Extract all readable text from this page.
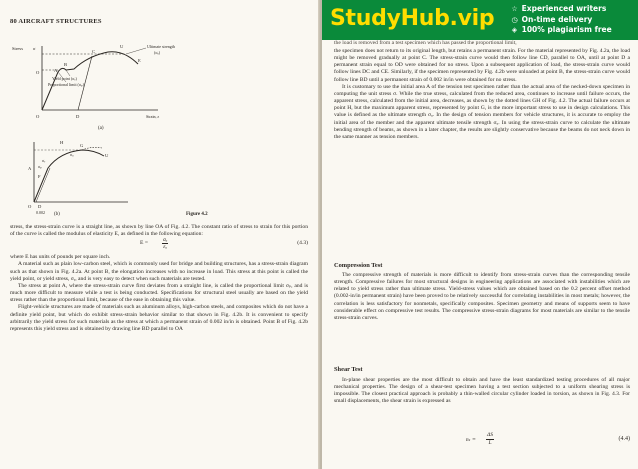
80 AIRCRAFT STRUCTURES
Stress σ	Ultimate strength
(σᵤ)
Yield point (σᵧ)
Proportional limit (σₚ)
Strain, ε
A
B
C
D
E
O
O
U
(a)
H
G
U
A
F
O D
σᵤ
σᵧ
σₚ
0.002 (b)	Figure 4.2

stress, the stress-strain curve is a straight line, as shown by line OA of Fig. 4.2. The constant ratio of stress to strain for this portion of the curve is called the modulus of elasticity E, as defined in the following equation:

E =	$\frac{\text{σₐ}}{\text{εₐ}}$	(4.3)

where E has units of pounds per square inch.

A material such as plain low-carbon steel, which is commonly used for bridge and building structures, has a stress-strain diagram such as that shown in Fig. 4.2a. At point B, the elongation increases with no increase in load. This stress at this point is called the yield point, or yield stress, σᵧ, and is very easy to detect when such materials are tested.

The stress at point A, where the stress-strain curve first deviates from a straight line, is called the proportional limit σₚ, and is much more difficult to measure while a test is being conducted. Specifications for structural steel usually are based on the yield stress rather than the proportional limit, because of the ease in obtaining this value.

Flight-vehicle structures are made of materials such as aluminum alloys, high-carbon steels, and composites which do not have a definite yield point, but which do exhibit stress-strain behavior similar to that shown in Fig. 4.2b. It is convenient to specify arbitrarily the yield stress for such materials as the stress at which a permanent strain of 0.002 in/in is obtained. Point B of Fig. 4.2b represents this yield stress and is obtained by drawing line BD parallel to OA

the load is removed from a test specimen which has passed the proportional limit,

the specimen does not return to its original length, but retains a permanent strain. For the material represented by Fig. 4.2a, the load might be removed gradually at point C. The stress-strain curve would then follow line CD, parallel to OA, until at point D a permanent strain equal to OD were obtained for no stress. Upon a subsequent application of load, the stress-strain curve would follow lines DC and CE. Similarly, if the specimen represented by Fig. 4.2b were unloaded at point B, the stress-strain curve would follow line BD until a permanent strain of 0.002 in/in were obtained for no stress.

It is customary to use the initial area A of the tension test specimen rather than the actual area of the necked-down specimen in computing the unit stress σ. While the true stress, calculated from the reduced area, continues to increase until failure occurs, the apparent stress, calculated from the initial area, decreases, as shown by the dotted lines GH of Fig. 4.2. The actual failure occurs at point H, but the maximum apparent stress, represented by point G, is the more important stress to use in design calculations. This value is defined as the ultimate strength σᵤ. In the design of tension members for vehicle structures, it is accurate to employ the initial area of the member and the apparent ultimate tensile strength σᵤ. In using the stress-strain curve to calculate the ultimate bending strength of beams, as shown in a later chapter, the results are slightly conservative because the beams do not neck down in the same manner as tension members.

Compression Test

The compressive strength of materials is more difficult to identify from stress-strain curves than the corresponding tensile strength. Compressive failures for most structural designs in engineering applications are associated with instabilities which are related to yield stress rather than ultimate stress. Yield-stress values which are obtained based on the 0.2 percent offset method (0.002-in/in permanent strain) have been proved to be relatively successful for correlating instabilities in most metals; however, the correlation is less satisfactory for nonmetals, specifically composites. Specimen geometry and means of supports seem to have considerable effect on compressive test results. The compressive stress-strain diagrams for most materials are similar to the tensile stress-strain curves.

Shear Test

In-plane shear properties are the most difficult to obtain and have the least standardized testing procedures of all major mechanical properties. The design of a shear-test specimen having a test section subjected to a uniform shearing stress is impossible. The closest practical approach is probably a thin-walled circular cylinder loaded in torsion, as shown in Fig. 4.3. For small displacements, the shear strain is expressed as

$\varepsilon_s = \frac{\Delta S}{L}$	(4.4)
StudyHub.vip ☆ Experienced writers
◷ On-time delivery
◈ 100% plagiarism free
